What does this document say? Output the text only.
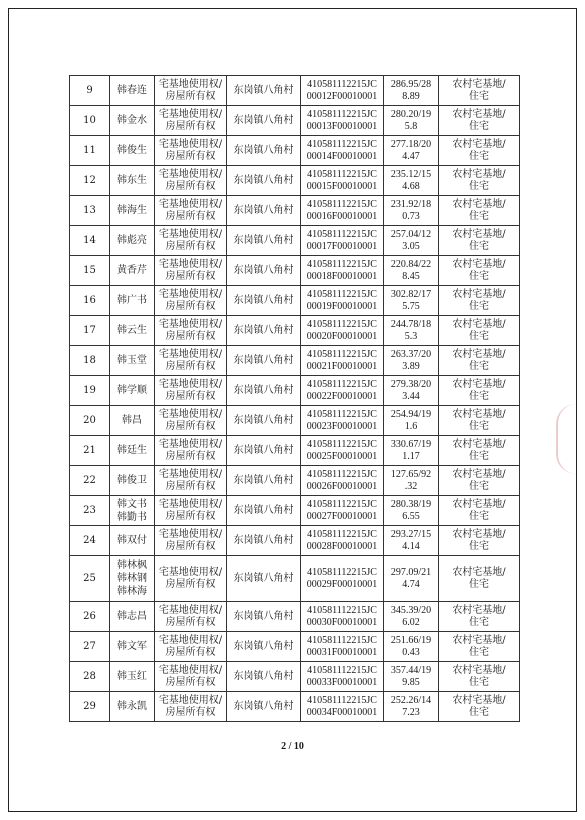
9	韩春连	宅基地使用权/
房屋所有权	东岗镇八角村	410581112215JC
00012F00010001	286.95/28
8.89	农村宅基地/
住宅

10	韩金水	宅基地使用权/
房屋所有权	东岗镇八角村	410581112215JC
00013F00010001	280.20/19
5.8	农村宅基地/
住宅

11	韩俊生	宅基地使用权/
房屋所有权	东岗镇八角村	410581112215JC
00014F00010001	277.18/20
4.47	农村宅基地/
住宅

12	韩东生	宅基地使用权/
房屋所有权	东岗镇八角村	410581112215JC
00015F00010001	235.12/15
4.68	农村宅基地/
住宅

13	韩海生	宅基地使用权/
房屋所有权	东岗镇八角村	410581112215JC
00016F00010001	231.92/18
0.73	农村宅基地/
住宅

14	韩彪亮	宅基地使用权/
房屋所有权	东岗镇八角村	410581112215JC
00017F00010001	257.04/12
3.05	农村宅基地/
住宅

15	黄香芹	宅基地使用权/
房屋所有权	东岗镇八角村	410581112215JC
00018F00010001	220.84/22
8.45	农村宅基地/
住宅

16	韩广书	宅基地使用权/
房屋所有权	东岗镇八角村	410581112215JC
00019F00010001	302.82/17
5.75	农村宅基地/
住宅

17	韩云生	宅基地使用权/
房屋所有权	东岗镇八角村	410581112215JC
00020F00010001	244.78/18
5.3	农村宅基地/
住宅

18	韩玉堂	宅基地使用权/
房屋所有权	东岗镇八角村	410581112215JC
00021F00010001	263.37/20
3.89	农村宅基地/
住宅

19	韩学顺	宅基地使用权/
房屋所有权	东岗镇八角村	410581112215JC
00022F00010001	279.38/20
3.44	农村宅基地/
住宅

20	韩昌	宅基地使用权/
房屋所有权	东岗镇八角村	410581112215JC
00023F00010001	254.94/19
1.6	农村宅基地/
住宅

21	韩廷生	宅基地使用权/
房屋所有权	东岗镇八角村	410581112215JC
00025F00010001	330.67/19
1.17	农村宅基地/
住宅

22	韩俊卫	宅基地使用权/
房屋所有权	东岗镇八角村	410581112215JC
00026F00010001	127.65/92
.32	农村宅基地/
住宅

23	韩文书
韩勤书	宅基地使用权/
房屋所有权	东岗镇八角村	410581112215JC
00027F00010001	280.38/19
6.55	农村宅基地/
住宅

24	韩双付	宅基地使用权/
房屋所有权	东岗镇八角村	410581112215JC
00028F00010001	293.27/15
4.14	农村宅基地/
住宅

25	韩林枫
韩林钢
韩林海	宅基地使用权/
房屋所有权	东岗镇八角村	410581112215JC
00029F00010001	297.09/21
4.74	农村宅基地/
住宅

26	韩志昌	宅基地使用权/
房屋所有权	东岗镇八角村	410581112215JC
00030F00010001	345.39/20
6.02	农村宅基地/
住宅

27	韩文军	宅基地使用权/
房屋所有权	东岗镇八角村	410581112215JC
00031F00010001	251.66/19
0.43	农村宅基地/
住宅

28	韩玉红	宅基地使用权/
房屋所有权	东岗镇八角村	410581112215JC
00033F00010001	357.44/19
9.85	农村宅基地/
住宅

29	韩永凯	宅基地使用权/
房屋所有权	东岗镇八角村	410581112215JC
00034F00010001	252.26/14
7.23	农村宅基地/
住宅
2 / 10
